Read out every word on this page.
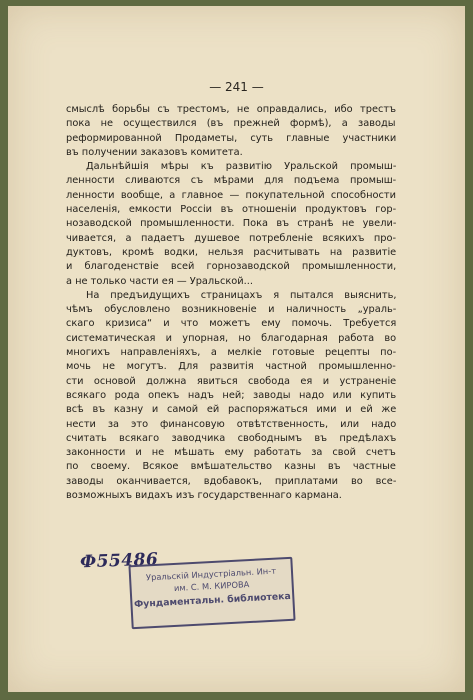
— 241 —

смыслѣ борьбы съ трестомъ, не оправдались, ибо трестъ
пока не осуществился (въ прежней формѣ), а заводы
реформированной Продаметы, суть главные участники
въ получении заказовъ комитета.

Дальнѣйшія мѣры къ развитію Уральской промыш-
ленности сливаются съ мѣрами для подъема промыш-
ленности вообще, а главное — покупательной способности
населенія, емкости Россіи въ отношеніи продуктовъ гор-
нозаводской промышленности. Пока въ странѣ не увели-
чивается, а падаетъ душевое потребленіе всякихъ про-
дуктовъ, кромѣ водки, нельзя расчитывать на развитіе
и благоденствіе всей горнозаводской промышленности,
а не только части ея — Уральской...

На предъидущихъ страницахъ я пытался выяснить,
чѣмъ обусловлено возникновеніе и наличность „ураль-
скаго кризиса“ и что можетъ ему помочь. Требуется
систематическая и упорная, но благодарная работа во
многихъ направленіяхъ, а мелкіе готовые рецепты по-
мочь не могутъ. Для развитія частной промышленно-
сти основой должна явиться свобода ея и устраненіе
всякаго рода опекъ надъ ней; заводы надо или купить
всѣ въ казну и самой ей распоряжаться ими и ей же
нести за это финансовую отвѣтственность, или надо
считать всякаго заводчика свободнымъ въ предѣлахъ
законности и не мѣшать ему работать за свой счетъ
по своему. Всякое вмѣшательство казны въ частные
заводы оканчивается, вдобавокъ, приплатами во все-
возможныхъ видахъ изъ государственнаго кармана.

Ф55486
Уральскій Индустріальн. Ин-т
им. С. М. КИРОВА
Фундаментальн. библиотека
